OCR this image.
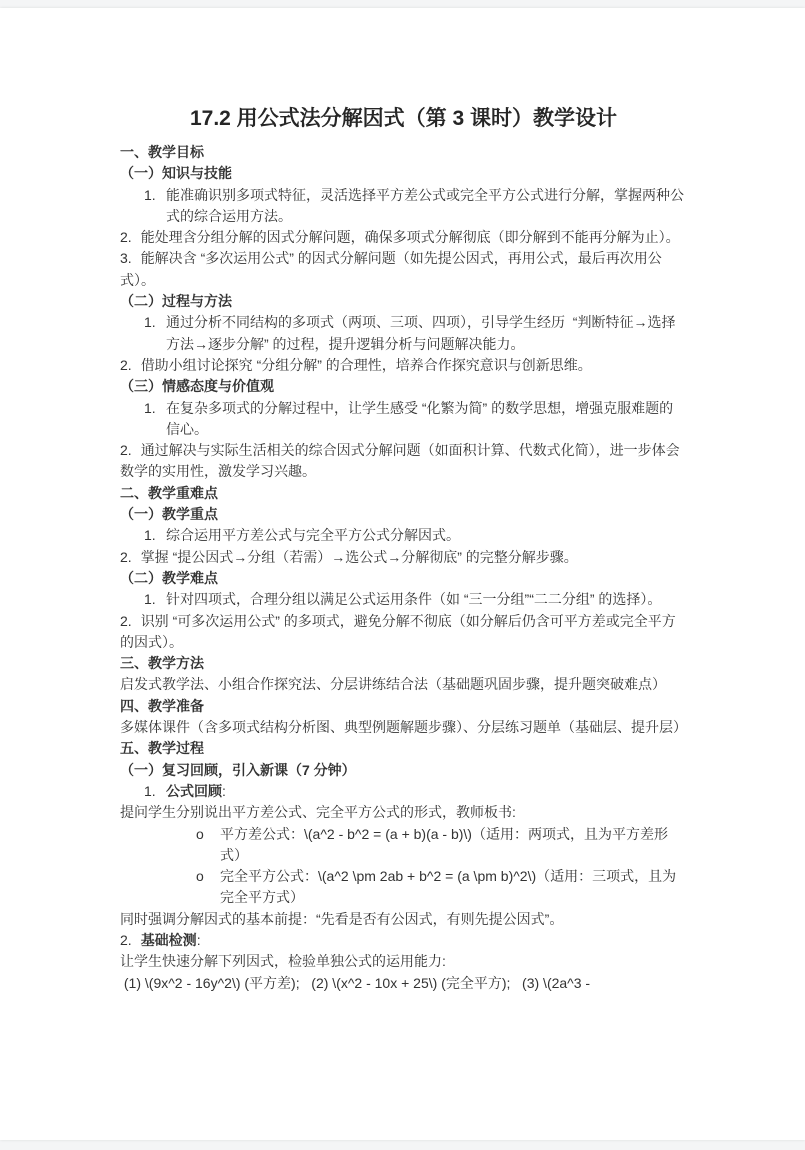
17.2 用公式法分解因式（第 3 课时）教学设计

一、教学目标

（一）知识与技能

1. 能准确识别多项式特征，灵活选择平方差公式或完全平方公式进行分解，掌握两种公式的综合运用方法。

2. 能处理含分组分解的因式分解问题，确保多项式分解彻底（即分解到不能再分解为止）。

3. 能解决含 “多次运用公式” 的因式分解问题（如先提公因式，再用公式，最后再次用公式）。

（二）过程与方法

1. 通过分析不同结构的多项式（两项、三项、四项），引导学生经历  “判断特征→选择方法→逐步分解” 的过程，提升逻辑分析与问题解决能力。

2. 借助小组讨论探究 “分组分解” 的合理性，培养合作探究意识与创新思维。

（三）情感态度与价值观

1. 在复杂多项式的分解过程中，让学生感受 “化繁为简” 的数学思想，增强克服难题的信心。

2. 通过解决与实际生活相关的综合因式分解问题（如面积计算、代数式化简），进一步体会数学的实用性，激发学习兴趣。

二、教学重难点

（一）教学重点

1. 综合运用平方差公式与完全平方公式分解因式。

2. 掌握 “提公因式→分组（若需）→选公式→分解彻底” 的完整分解步骤。

（二）教学难点

1. 针对四项式，合理分组以满足公式运用条件（如 “三一分组”“二二分组” 的选择）。

2. 识别 “可多次运用公式” 的多项式，避免分解不彻底（如分解后仍含可平方差或完全平方的因式）。

三、教学方法

启发式教学法、小组合作探究法、分层讲练结合法（基础题巩固步骤，提升题突破难点）

四、教学准备

多媒体课件（含多项式结构分析图、典型例题解题步骤）、分层练习题单（基础层、提升层）

五、教学过程

（一）复习回顾，引入新课（7 分钟）

1. 公式回顾:

提问学生分别说出平方差公式、完全平方公式的形式，教师板书:

o	平方差公式：\(a^2 - b^2 = (a + b)(a - b)\)（适用：两项式，且为平方差形式）
o	完全平方公式：\(a^2 \pm 2ab + b^2 = (a \pm b)^2\)（适用：三项式，且为完全平方式）

同时强调分解因式的基本前提：“先看是否有公因式，有则先提公因式”。

2. 基础检测:

让学生快速分解下列因式，检验单独公式的运用能力:

(1) \(9x^2 - 16y^2\) (平方差);   (2) \(x^2 - 10x + 25\) (完全平方);   (3) \(2a^3 -
